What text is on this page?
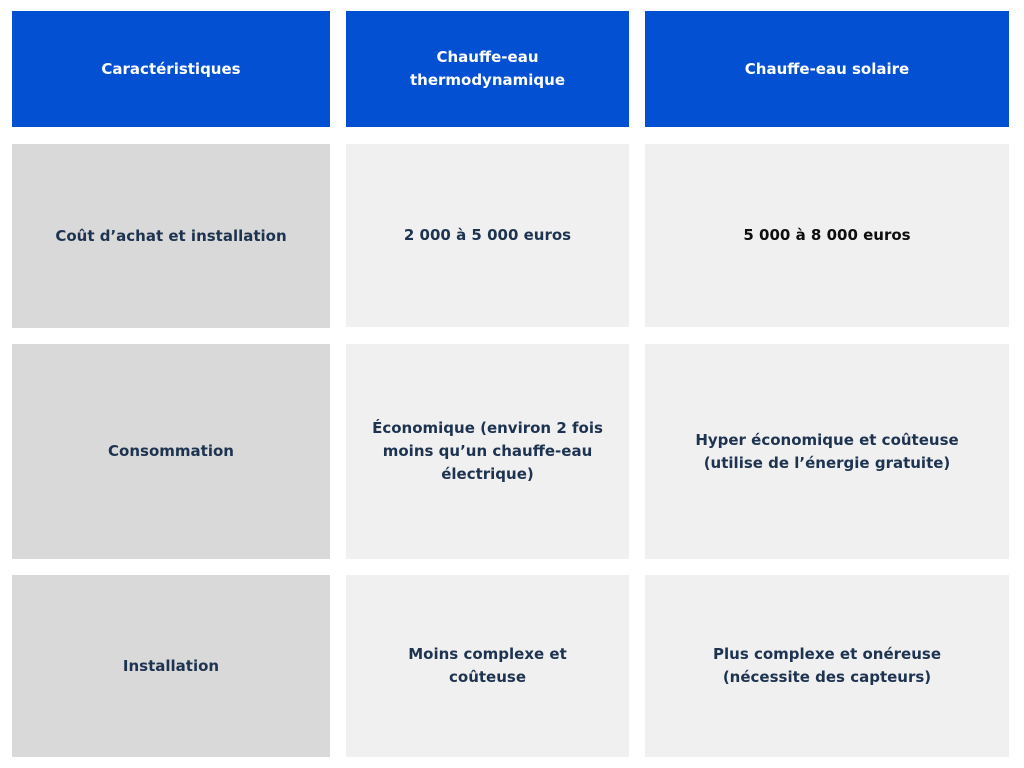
Caractéristiques
Chauffe-eau thermodynamique
Chauffe-eau solaire
Coût d’achat et installation	2 000 à 5 000 euros	5 000 à 8 000 euros
Consommation
Économique (environ 2 fois moins qu’un chauffe-eau électrique)
Hyper économique et coûteuse (utilise de l’énergie gratuite)
Installation
Moins complexe et coûteuse
Plus complexe et onéreuse (nécessite des capteurs)
